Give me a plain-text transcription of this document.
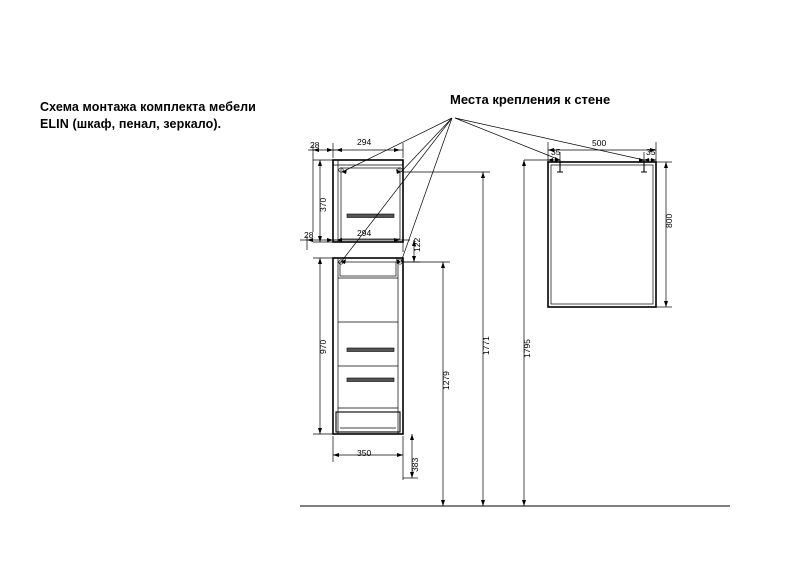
Схема монтажа комплекта мебели
ELIN (шкаф, пенал, зеркало).
Места крепления к стене
28	294
370
28	294
122
970
350
383
1279
1771	1795
500
35	35
800
